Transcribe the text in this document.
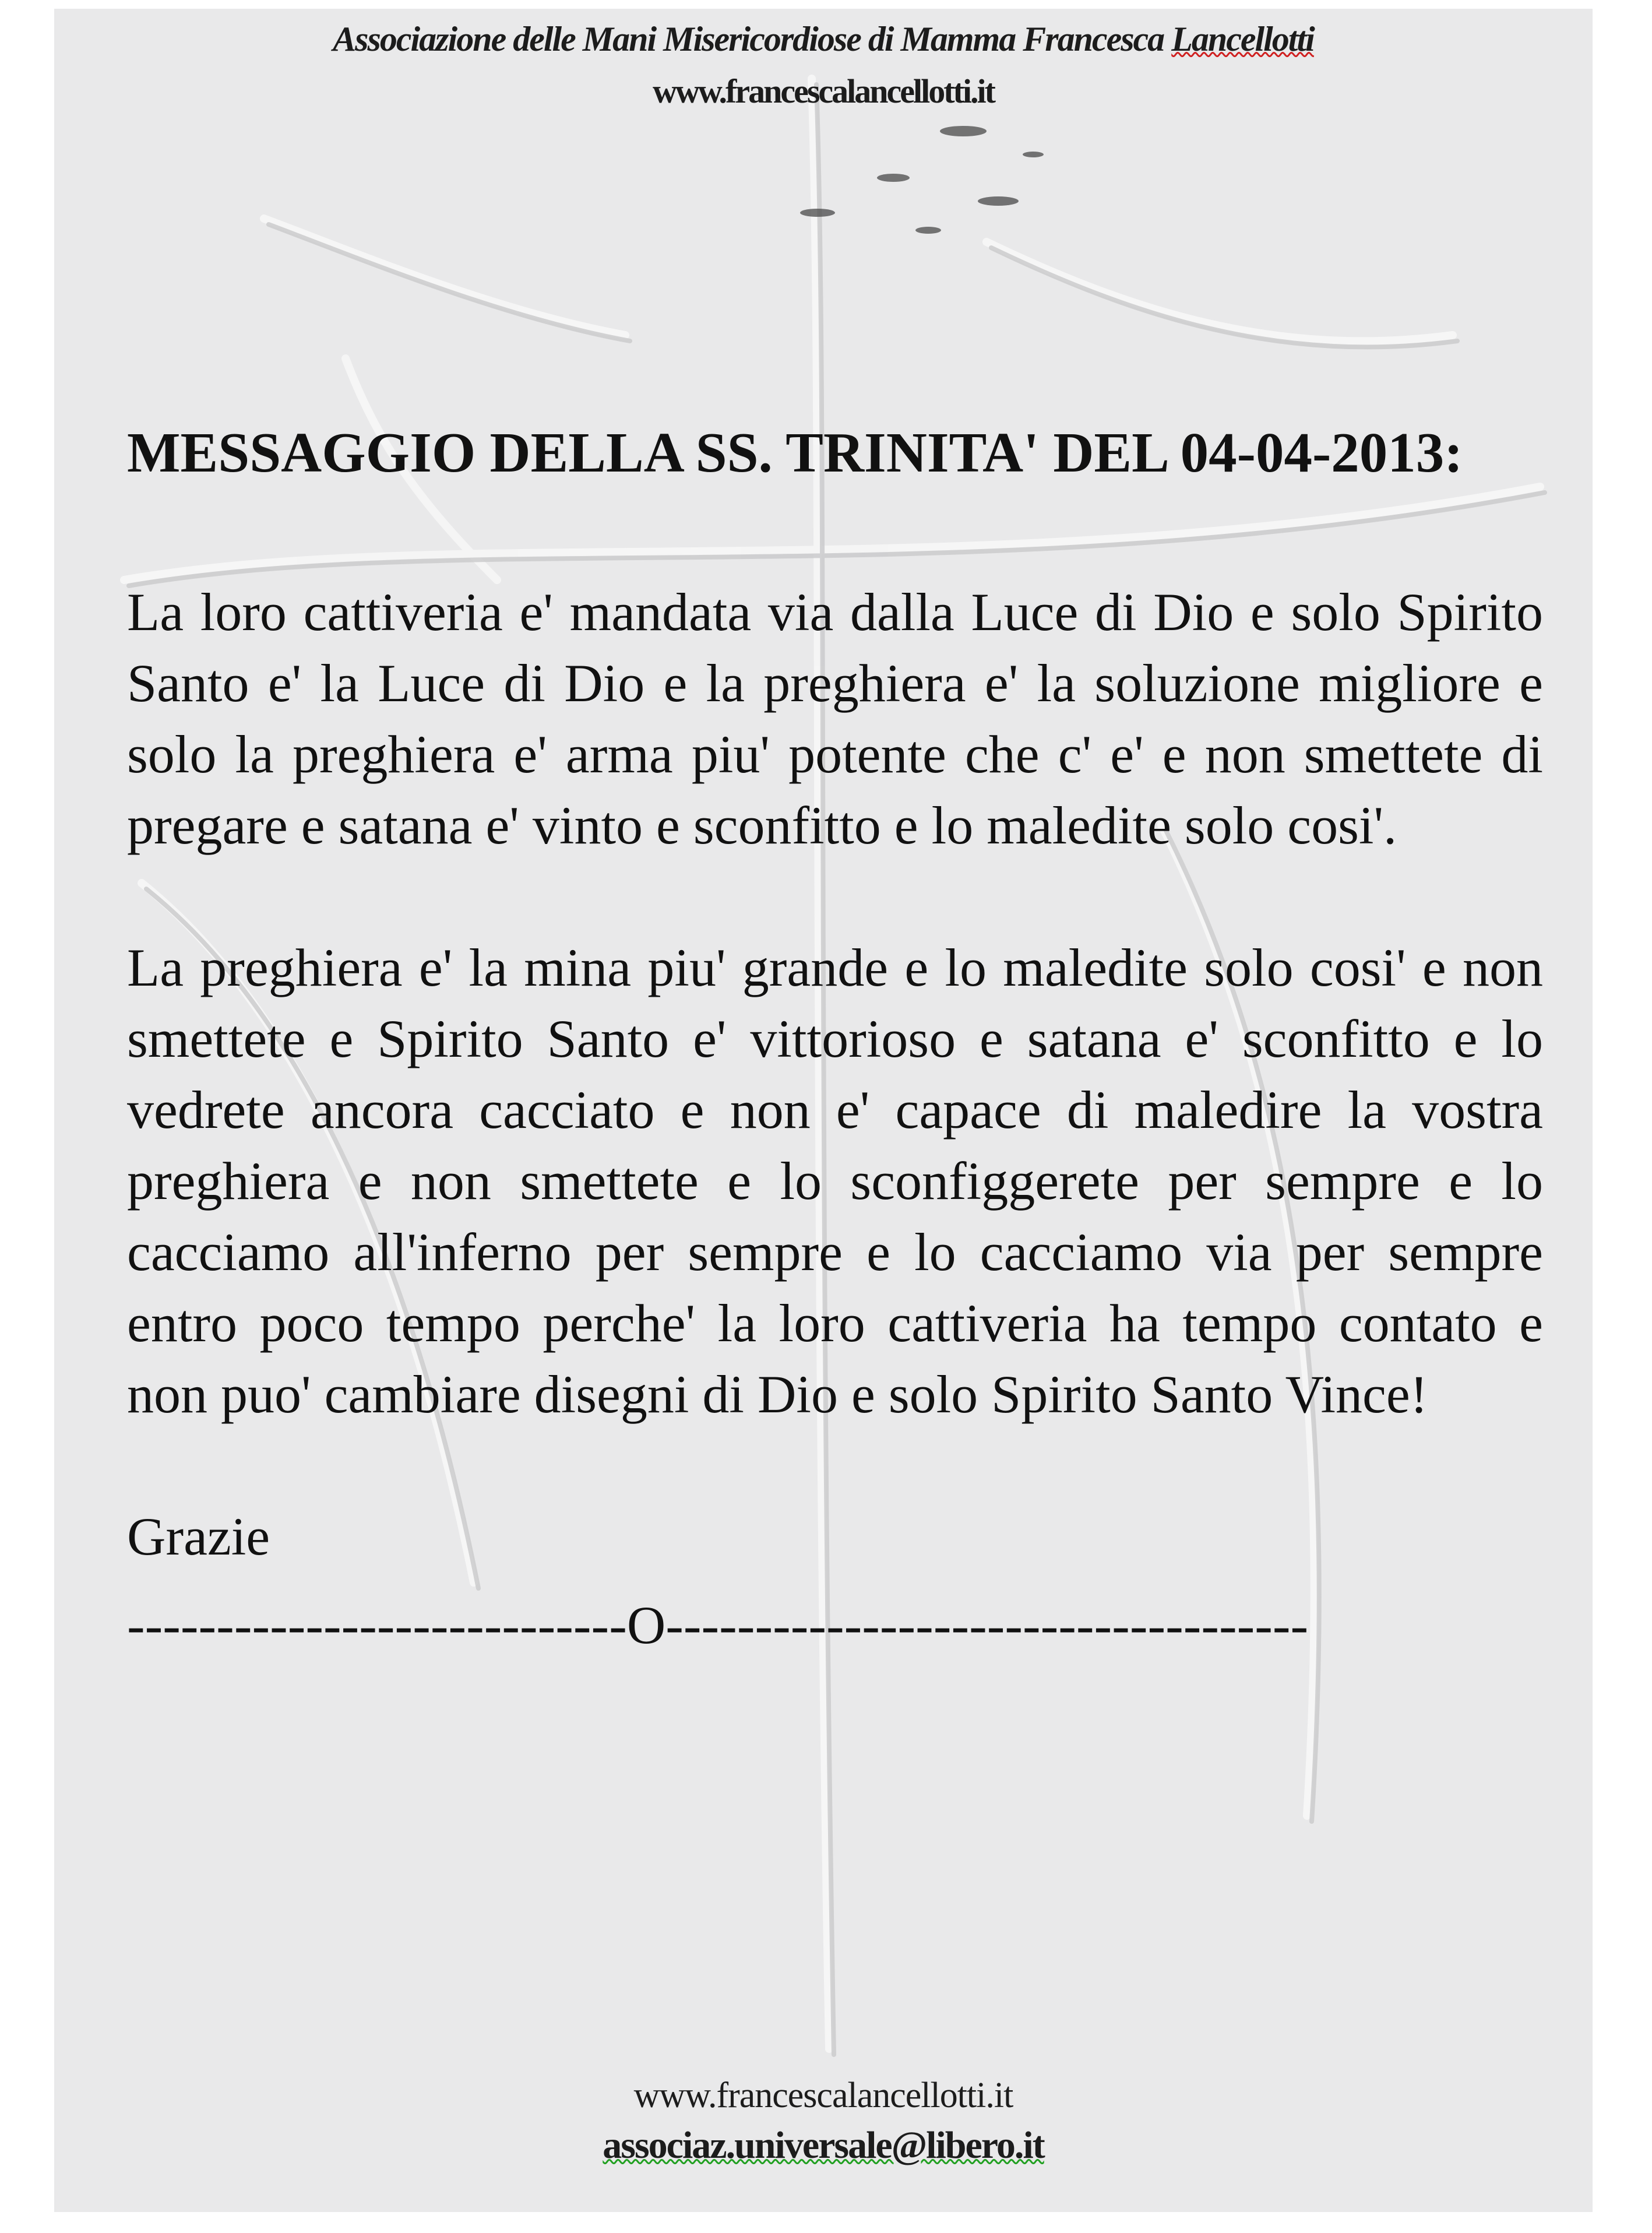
Associazione delle Mani Misericordiose di Mamma Francesca Lancellotti
www.francescalancellotti.it

MESSAGGIO DELLA SS. TRINITA' DEL 04-04-2013:

La loro cattiveria e' mandata via dalla Luce di Dio e solo Spirito Santo e' la Luce di Dio e la preghiera e' la soluzione migliore e solo la preghiera e' arma piu' potente che c' e' e non smettete di pregare e satana e' vinto e sconfitto e lo maledite solo cosi'.

La preghiera e' la mina piu' grande e lo maledite solo cosi' e non smettete e Spirito Santo e' vittorioso e satana e' sconfitto e lo vedrete ancora cacciato e non e' capace di maledire la vostra preghiera e non smettete e lo sconfiggerete per sempre e lo cacciamo all'inferno per sempre e lo cacciamo via per sempre entro poco tempo perche' la loro cattiveria ha tempo contato e non puo' cambiare disegni di Dio e solo Spirito Santo Vince!

Grazie
----------------------------O------------------------------------
www.francescalancellotti.it
associaz.universale@libero.it
